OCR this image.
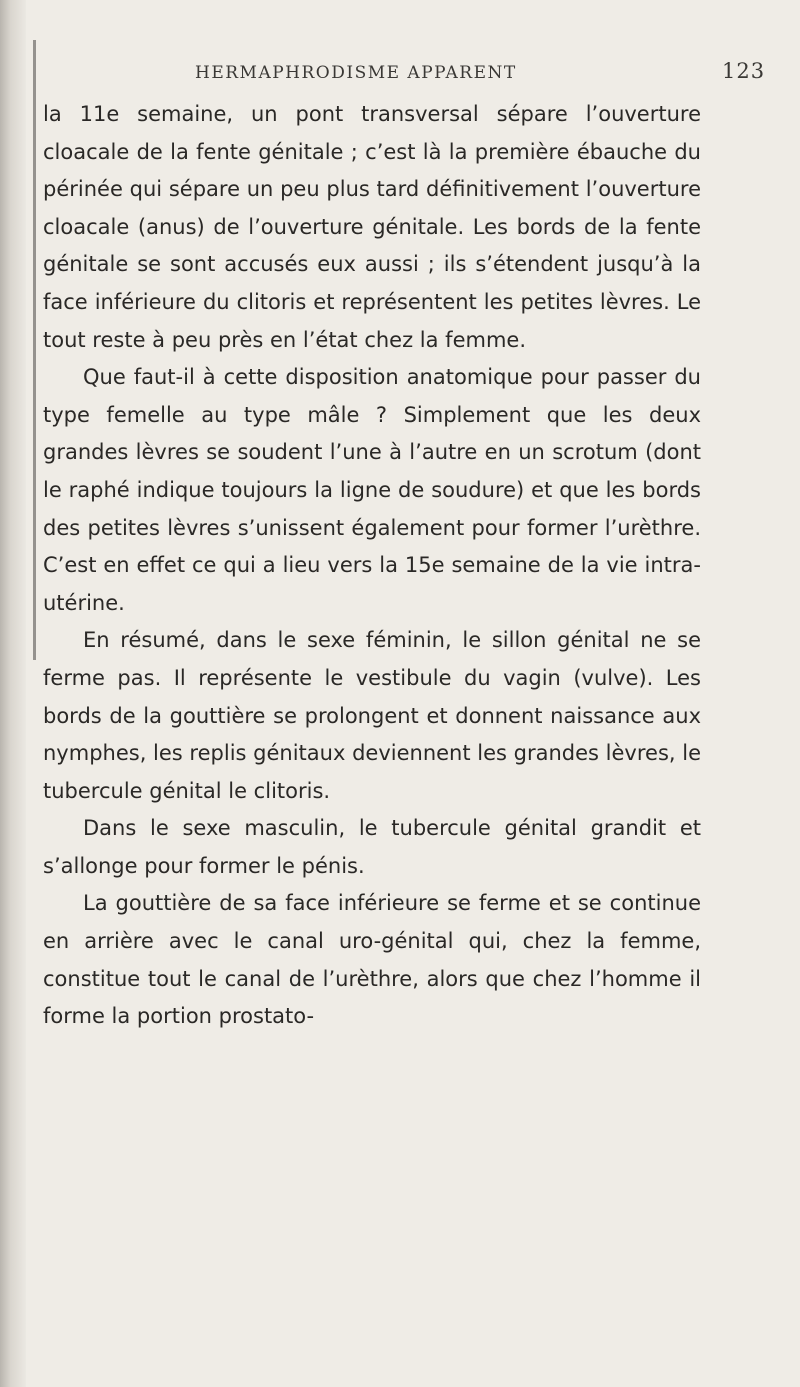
HERMAPHRODISME APPARENT	123

la 11e semaine, un pont transversal sépare l’ouverture cloacale de la fente génitale ; c’est là la première ébauche du périnée qui sépare un peu plus tard définitivement l’ouverture cloacale (anus) de l’ouverture génitale. Les bords de la fente génitale se sont accusés eux aussi ; ils s’étendent jusqu’à la face inférieure du clitoris et représentent les petites lèvres. Le tout reste à peu près en l’état chez la femme.

Que faut-il à cette disposition anatomique pour passer du type femelle au type mâle ? Simplement que les deux grandes lèvres se soudent l’une à l’autre en un scrotum (dont le raphé indique toujours la ligne de soudure) et que les bords des petites lèvres s’unissent également pour former l’urèthre. C’est en effet ce qui a lieu vers la 15e semaine de la vie intra-utérine.

En résumé, dans le sexe féminin, le sillon génital ne se ferme pas. Il représente le vestibule du vagin (vulve). Les bords de la gouttière se prolongent et donnent naissance aux nymphes, les replis génitaux deviennent les grandes lèvres, le tubercule génital le clitoris.

Dans le sexe masculin, le tubercule génital grandit et s’allonge pour former le pénis.

La gouttière de sa face inférieure se ferme et se continue en arrière avec le canal uro-génital qui, chez la femme, constitue tout le canal de l’urèthre, alors que chez l’homme il forme la portion prostato-
